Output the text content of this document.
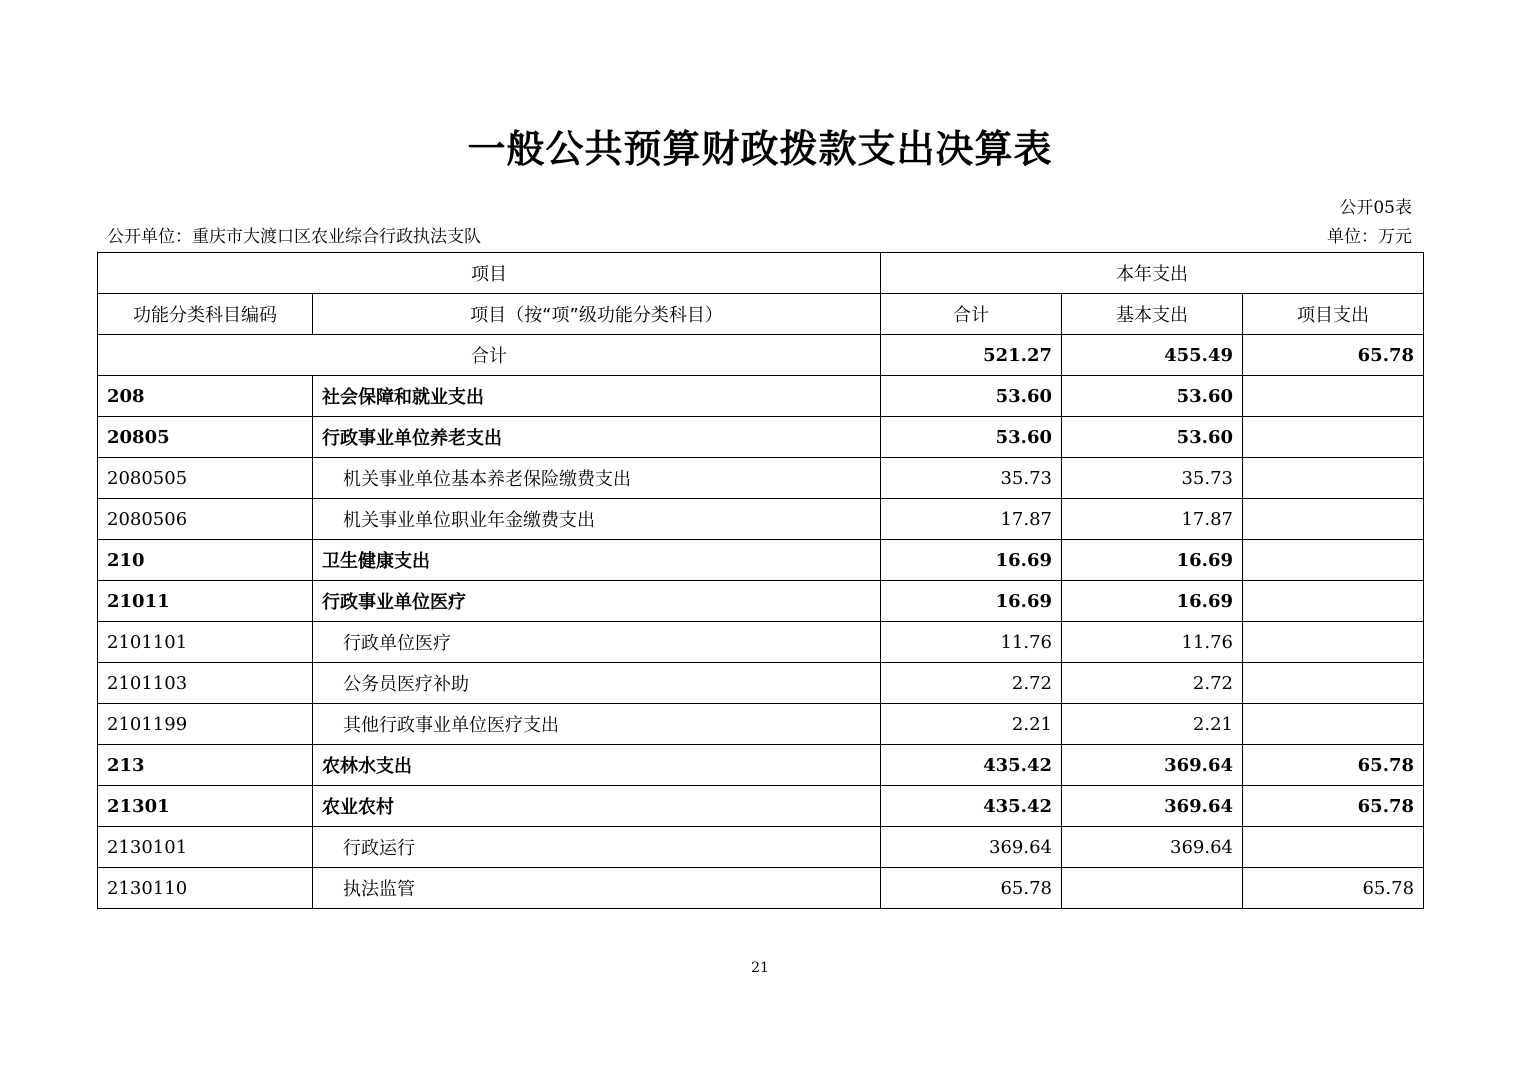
一般公共预算财政拨款支出决算表
公开05表
公开单位：重庆市大渡口区农业综合行政执法支队	单位：万元
项目		本年支出		
功能分类科目编码	项目（按“项”级功能分类科目）	合计	基本支出	项目支出
合计		521.27	455.49	65.78
208	社会保障和就业支出	53.60	53.60	
20805	行政事业单位养老支出	53.60	53.60	
2080505	机关事业单位基本养老保险缴费支出	35.73	35.73	
2080506	机关事业单位职业年金缴费支出	17.87	17.87	
210	卫生健康支出	16.69	16.69	
21011	行政事业单位医疗	16.69	16.69	
2101101	行政单位医疗	11.76	11.76	
2101103	公务员医疗补助	2.72	2.72	
2101199	其他行政事业单位医疗支出	2.21	2.21	
213	农林水支出	435.42	369.64	65.78
21301	农业农村	435.42	369.64	65.78
2130101	行政运行	369.64	369.64	
2130110	执法监管	65.78		65.78
21
